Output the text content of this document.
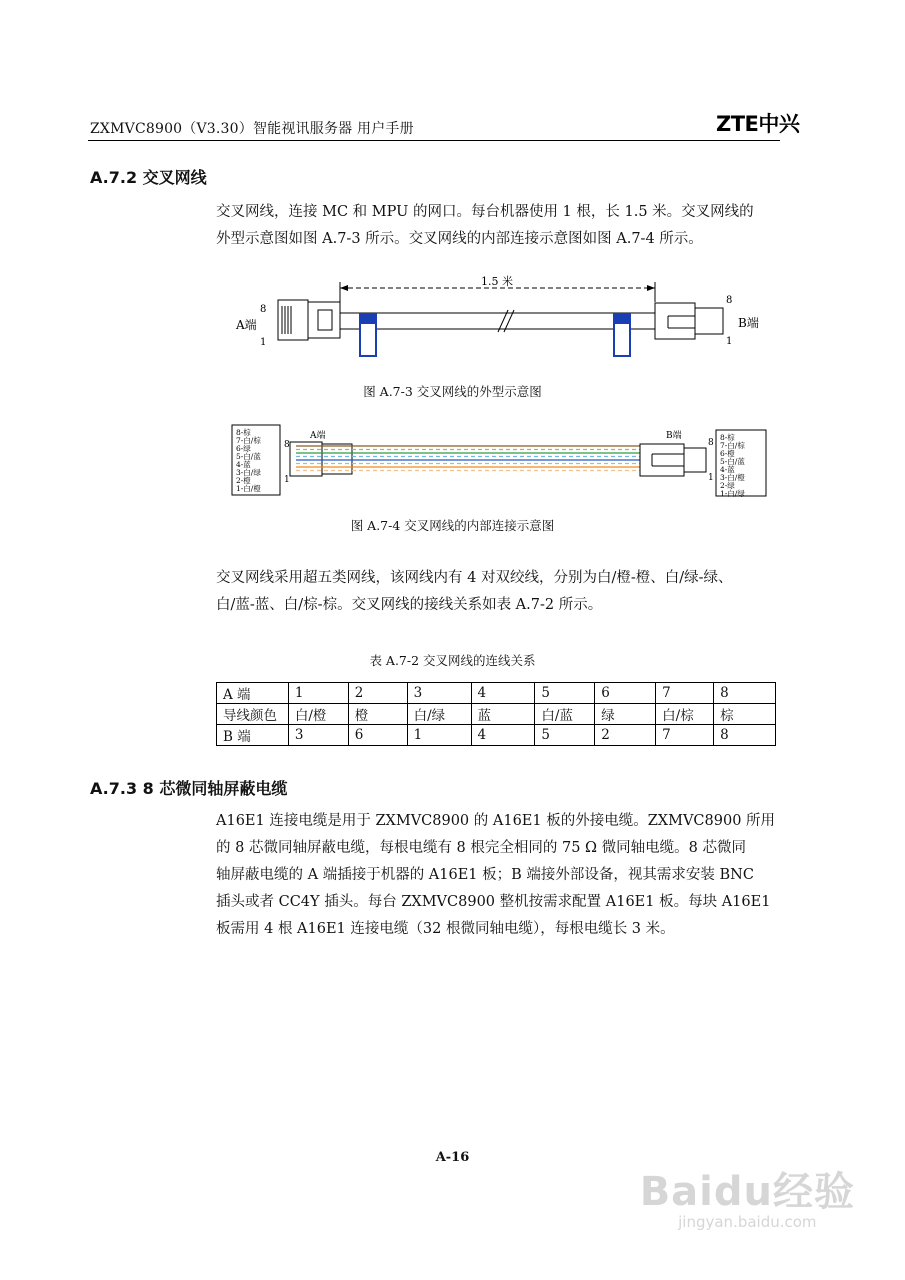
ZXMVC8900（V3.30）智能视讯服务器 用户手册	ZTE中兴
A.7.2 交叉网线
交叉网线，连接 MC 和 MPU 的网口。每台机器使用 1 根，长 1.5 米。交叉网线的
外型示意图如图 A.7-3 所示。交叉网线的内部连接示意图如图 A.7-4 所示。
1.5 米
8
1
A端
8
1
B端
图 A.7-3 交叉网线的外型示意图
8-棕
7-白/棕
6-绿
5-白/蓝
4-蓝
3-白/绿
2-橙
1-白/橙
8
1
A端	B端
8
1
8-棕
7-白/棕
6-橙
5-白/蓝
4-蓝
3-白/橙
2-绿
1-白/绿
图 A.7-4 交叉网线的内部连接示意图
交叉网线采用超五类网线，该网线内有 4 对双绞线，分别为白/橙-橙、白/绿-绿、
白/蓝-蓝、白/棕-棕。交叉网线的接线关系如表 A.7-2 所示。
表 A.7-2 交叉网线的连线关系
A 端	1	2	3	4	5	6	7	8
导线颜色	白/橙	橙	白/绿	蓝	白/蓝	绿	白/棕	棕
B 端	3	6	1	4	5	2	7	8
A.7.3 8 芯微同轴屏蔽电缆
A16E1 连接电缆是用于 ZXMVC8900 的 A16E1 板的外接电缆。ZXMVC8900 所用
的 8 芯微同轴屏蔽电缆，每根电缆有 8 根完全相同的 75 Ω 微同轴电缆。8 芯微同
轴屏蔽电缆的 A 端插接于机器的 A16E1 板；B 端接外部设备，视其需求安装 BNC
插头或者 CC4Y 插头。每台 ZXMVC8900 整机按需求配置 A16E1 板。每块 A16E1
板需用 4 根 A16E1 连接电缆（32 根微同轴电缆），每根电缆长 3 米。
A-16
Baidu经验
jingyan.baidu.com
